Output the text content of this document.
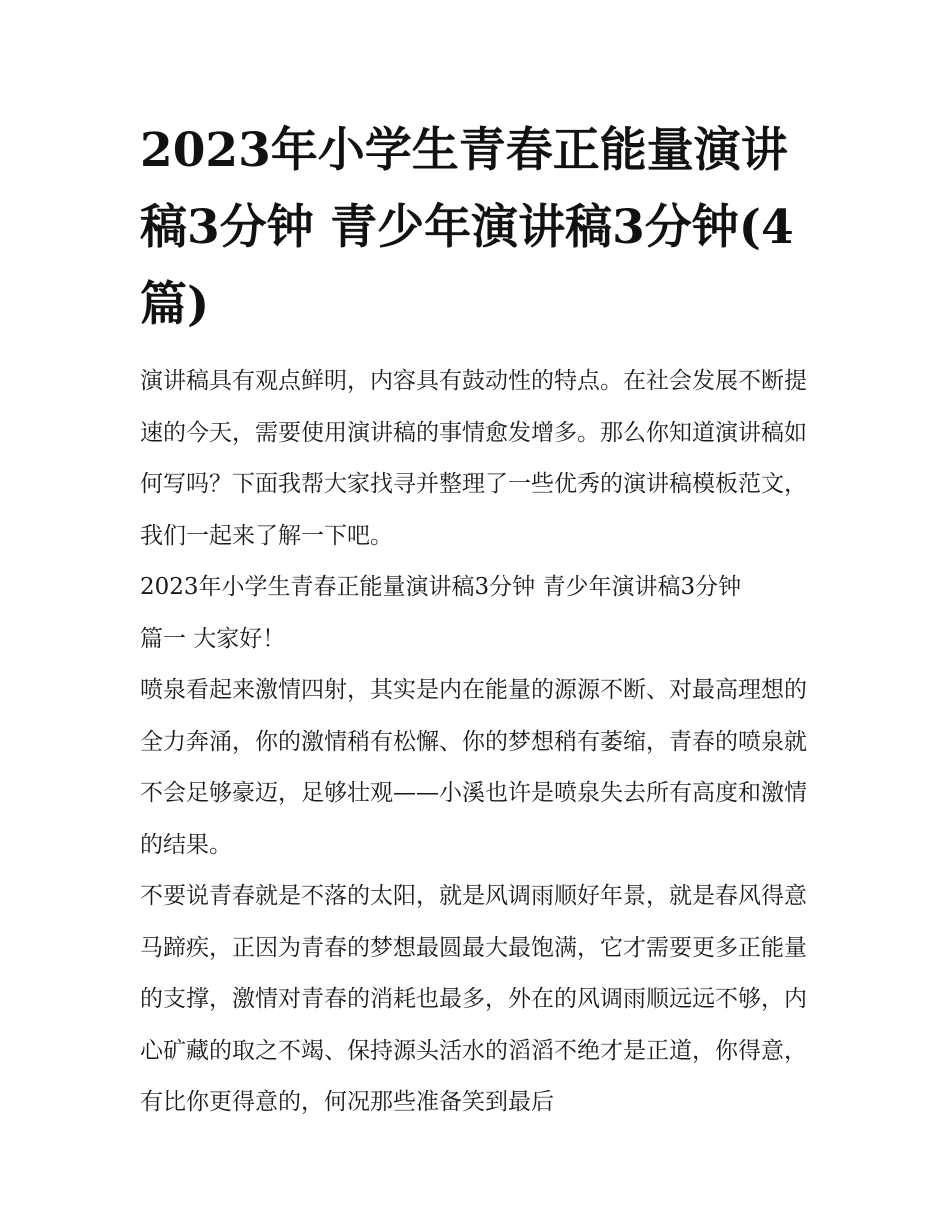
2023年小学生青春正能量演讲稿3分钟 青少年演讲稿3分钟(4篇)

演讲稿具有观点鲜明，内容具有鼓动性的特点。在社会发展不断提速的今天，需要使用演讲稿的事情愈发增多。那么你知道演讲稿如何写吗？下面我帮大家找寻并整理了一些优秀的演讲稿模板范文，我们一起来了解一下吧。

2023年小学生青春正能量演讲稿3分钟 青少年演讲稿3分钟

篇一 大家好！

喷泉看起来激情四射，其实是内在能量的源源不断、对最高理想的全力奔涌，你的激情稍有松懈、你的梦想稍有萎缩，青春的喷泉就不会足够豪迈，足够壮观——小溪也许是喷泉失去所有高度和激情的结果。

不要说青春就是不落的太阳，就是风调雨顺好年景，就是春风得意马蹄疾，正因为青春的梦想最圆最大最饱满，它才需要更多正能量的支撑，激情对青春的消耗也最多，外在的风调雨顺远远不够，内心矿藏的取之不竭、保持源头活水的滔滔不绝才是正道，你得意，有比你更得意的，何况那些准备笑到最后
